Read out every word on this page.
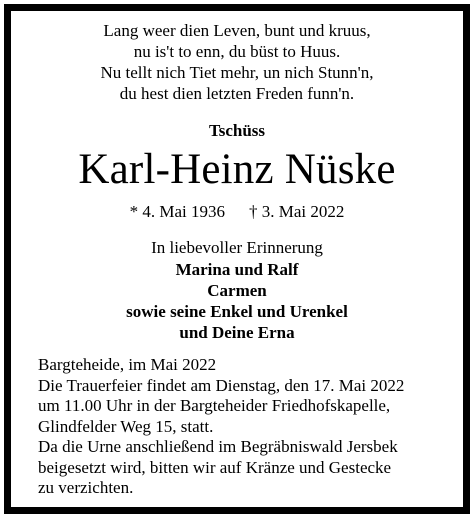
Lang weer dien Leven, bunt und kruus,
nu is't to enn, du büst to Huus.
Nu tellt nich Tiet mehr, un nich Stunn'n,
du hest dien letzten Freden funn'n.
Tschüss
Karl-Heinz Nüske
* 4. Mai 1936 † 3. Mai 2022
In liebevoller Erinnerung
Marina und Ralf
Carmen
sowie seine Enkel und Urenkel
und Deine Erna
Bargteheide, im Mai 2022
Die Trauerfeier findet am Dienstag, den 17. Mai 2022
um 11.00 Uhr in der Bargteheider Friedhofskapelle,
Glindfelder Weg 15, statt.
Da die Urne anschließend im Begräbniswald Jersbek
beigesetzt wird, bitten wir auf Kränze und Gestecke
zu verzichten.
